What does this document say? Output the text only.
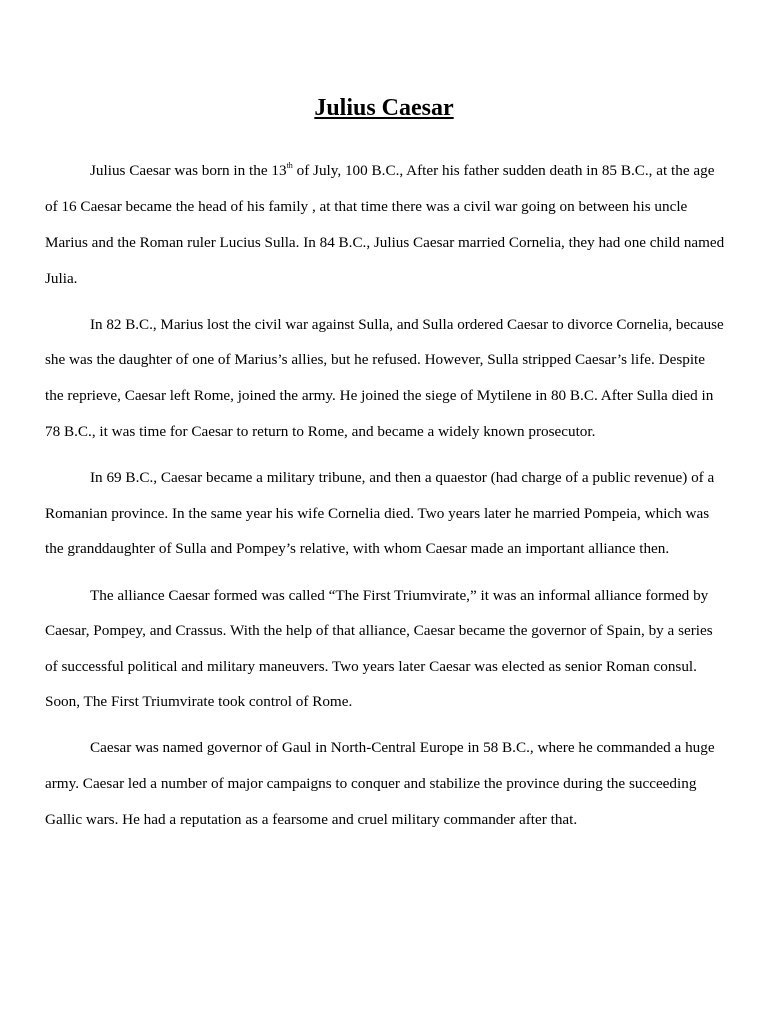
Julius Caesar
Julius Caesar was born in the 13th of July, 100 B.C., After his father sudden death in 85 B.C., at the age
of 16 Caesar became the head of his family , at that time there was a civil war going on between his uncle
Marius and the Roman ruler Lucius Sulla. In 84 B.C., Julius Caesar married Cornelia, they had one child named
Julia.
In 82 B.C., Marius lost the civil war against Sulla, and Sulla ordered Caesar to divorce Cornelia, because
she was the daughter of one of Marius’s allies, but he refused. However, Sulla stripped Caesar’s life. Despite
the reprieve, Caesar left Rome, joined the army. He joined the siege of Mytilene in 80 B.C. After Sulla died in
78 B.C., it was time for Caesar to return to Rome, and became a widely known prosecutor.
In 69 B.C., Caesar became a military tribune, and then a quaestor (had charge of a public revenue) of a
Romanian province. In the same year his wife Cornelia died. Two years later he married Pompeia, which was
the granddaughter of Sulla and Pompey’s relative, with whom Caesar made an important alliance then.
The alliance Caesar formed was called “The First Triumvirate,” it was an informal alliance formed by
Caesar, Pompey, and Crassus. With the help of that alliance, Caesar became the governor of Spain, by a series
of successful political and military maneuvers. Two years later Caesar was elected as senior Roman consul.
Soon, The First Triumvirate took control of Rome.
Caesar was named governor of Gaul in North-Central Europe in 58 B.C., where he commanded a huge
army. Caesar led a number of major campaigns to conquer and stabilize the province during the succeeding
Gallic wars. He had a reputation as a fearsome and cruel military commander after that.
